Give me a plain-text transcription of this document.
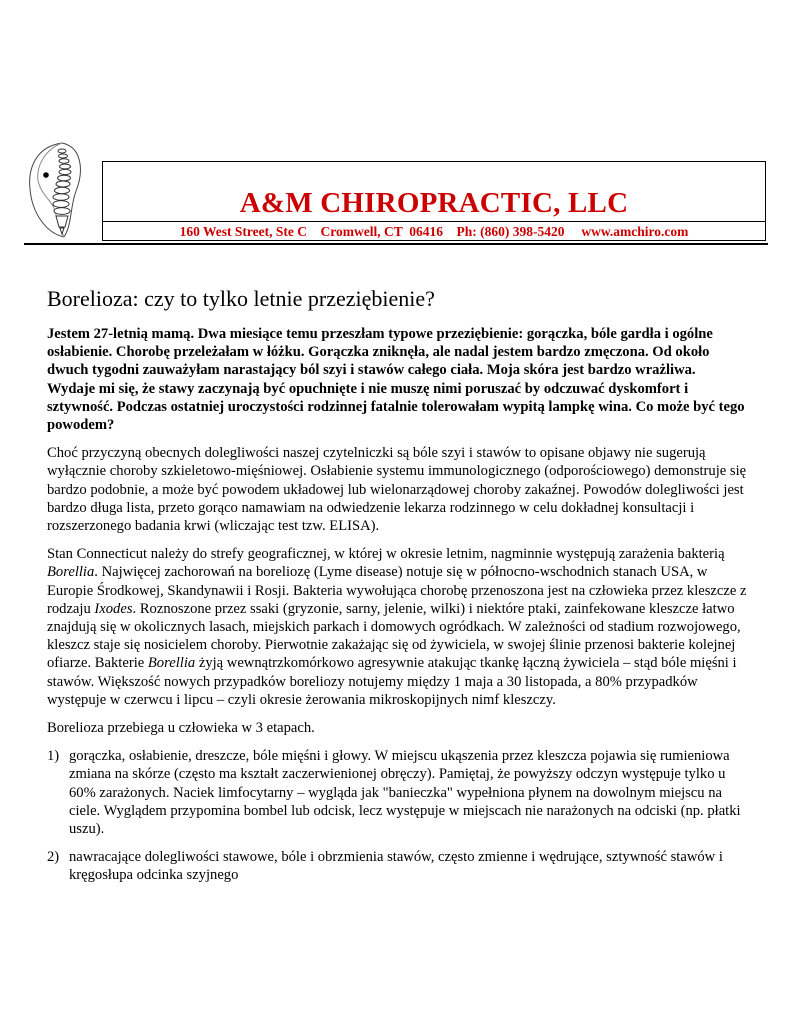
A&M CHIROPRACTIC, LLC
160 West Street, Ste C    Cromwell, CT  06416    Ph: (860) 398-5420     www.amchiro.com
Borelioza: czy to tylko letnie przeziębienie?

Jestem 27-letnią mamą. Dwa miesiące temu przeszłam typowe przeziębienie: gorączka, bóle gardła i ogólne osłabienie. Chorobę przeleżałam w łóżku. Gorączka zniknęła, ale nadal jestem bardzo zmęczona. Od około dwuch tygodni zauważyłam narastający ból szyi i stawów całego ciała. Moja skóra jest bardzo wrażliwa. Wydaje mi się, że stawy zaczynają być opuchnięte i nie muszę nimi poruszać by odczuwać dyskomfort i sztywność. Podczas ostatniej uroczystości rodzinnej fatalnie tolerowałam wypitą lampkę wina. Co może być tego powodem?

Choć przyczyną obecnych dolegliwości naszej czytelniczki są bóle szyi i stawów to opisane objawy nie sugerują wyłącznie choroby szkieletowo-mięśniowej. Osłabienie systemu immunologicznego (odporościowego) demonstruje się bardzo podobnie, a może być powodem układowej lub wielonarządowej choroby zakaźnej. Powodów dolegliwości jest bardzo długa lista, przeto gorąco namawiam na odwiedzenie lekarza rodzinnego w celu dokładnej konsultacji i rozszerzonego badania krwi (wliczając test tzw. ELISA).

Stan Connecticut należy do strefy geograficznej, w której w okresie letnim, nagminnie występują zarażenia bakterią Borellia. Najwięcej zachorowań na boreliozę (Lyme disease) notuje się w północno-wschodnich stanach USA, w Europie Środkowej, Skandynawii i Rosji. Bakteria wywołująca chorobę przenoszona jest na człowieka przez kleszcze z rodzaju Ixodes. Roznoszone przez ssaki (gryzonie, sarny, jelenie, wilki) i niektóre ptaki, zainfekowane kleszcze łatwo znajdują się w okolicznych lasach, miejskich parkach i domowych ogródkach. W zależności od stadium rozwojowego, kleszcz staje się nosicielem choroby. Pierwotnie zakażając się od żywiciela, w swojej ślinie przenosi bakterie kolejnej ofiarze. Bakterie Borellia żyją wewnątrzkomórkowo agresywnie atakując tkankę łączną żywiciela – stąd bóle mięśni i stawów. Większość nowych przypadków boreliozy notujemy między 1 maja a 30 listopada, a 80% przypadków występuje w czerwcu i lipcu – czyli okresie żerowania mikroskopijnych nimf kleszczy.

Borelioza przebiega u człowieka w 3 etapach.

1) gorączka, osłabienie, dreszcze, bóle mięśni i głowy. W miejscu ukąszenia przez kleszcza pojawia się rumieniowa zmiana na skórze (często ma kształt zaczerwienionej obręczy). Pamiętaj, że powyższy odczyn występuje tylko u 60% zarażonych. Naciek limfocytarny – wygląda jak "banieczka" wypełniona płynem na dowolnym miejscu na ciele. Wyglądem przypomina bombel lub odcisk, lecz występuje w miejscach nie narażonych na odciski (np. płatki uszu).
2) nawracające dolegliwości stawowe, bóle i obrzmienia stawów, często zmienne i wędrujące, sztywność stawów i kręgosłupa odcinka szyjnego
